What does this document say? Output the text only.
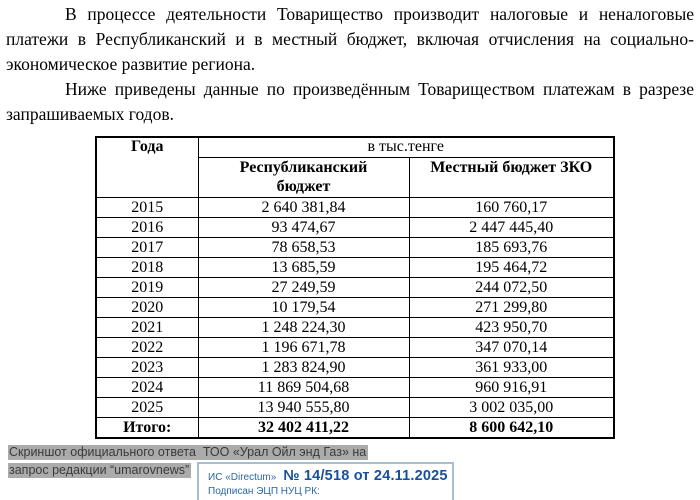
В процессе деятельности Товарищество производит налоговые и неналоговые платежи в Республиканский и в местный бюджет, включая отчисления на социально-экономическое развитие региона.

Ниже приведены данные по произведённым Товариществом платежам в разрезе запрашиваемых годов.

Года	в тыс.тенге	

	Республиканский бюджет	Местный бюджет ЗКО

2015	2 640 381,84	160 760,17
2016	93 474,67	2 447 445,40
2017	78 658,53	185 693,76
2018	13 685,59	195 464,72
2019	27 249,59	244 072,50
2020	10 179,54	271 299,80
2021	1 248 224,30	423 950,70
2022	1 196 671,78	347 070,14
2023	1 283 824,90	361 933,00
2024	11 869 504,68	960 916,91
2025	13 940 555,80	3 002 035,00
Итого:	32 402 411,22	8 600 642,10
Скриншот официального ответа  ТОО «Урал Ойл энд Газ» на
запрос редакции “umarovnews”
ИС «Directum» № 14/518 от 24.11.2025
Подписан ЭЦП НУЦ РК:
